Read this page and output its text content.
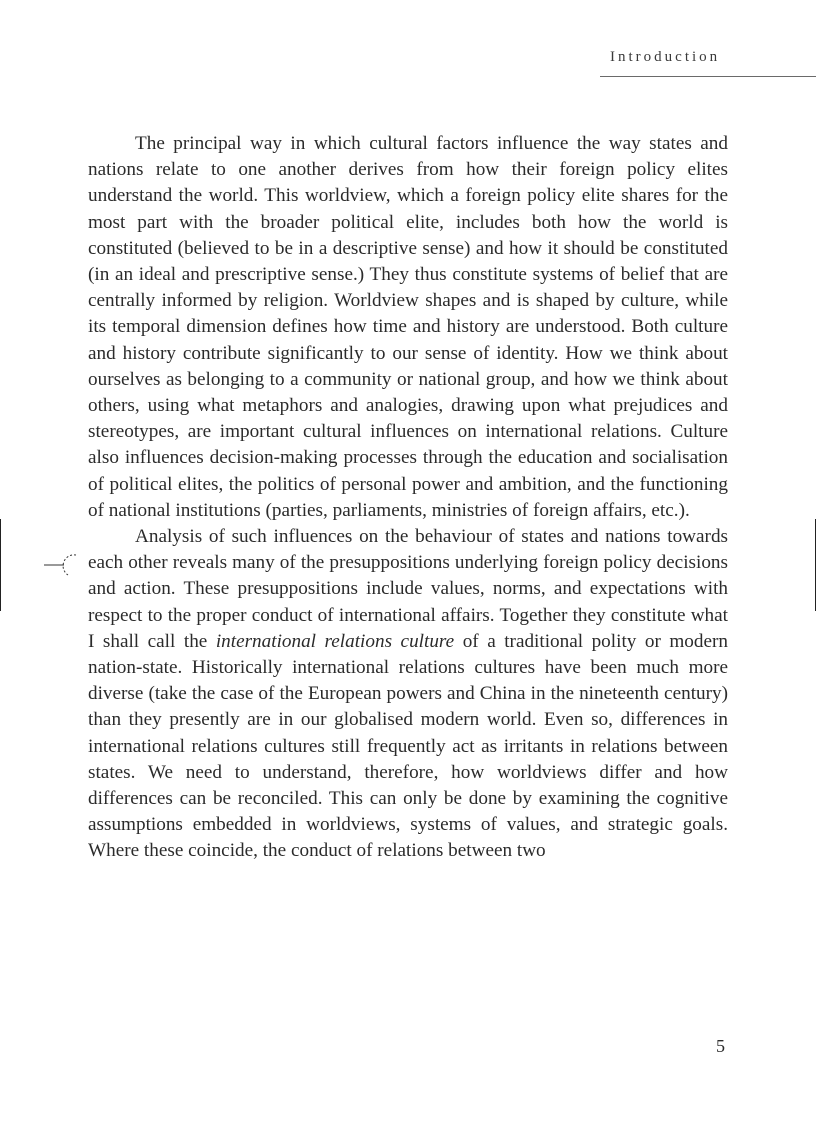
Introduction

The principal way in which cultural factors influence the way states and nations relate to one another derives from how their foreign policy elites understand the world. This worldview, which a foreign policy elite shares for the most part with the broader political elite, includes both how the world is constituted (believed to be in a descriptive sense) and how it should be constituted (in an ideal and prescriptive sense.) They thus constitute systems of belief that are centrally informed by religion. Worldview shapes and is shaped by culture, while its temporal dimension defines how time and history are understood. Both culture and history contribute significantly to our sense of identity. How we think about ourselves as belonging to a community or national group, and how we think about others, using what metaphors and analogies, drawing upon what prejudices and stereotypes, are important cultural influences on international relations. Culture also influences decision-making processes through the education and socialisation of political elites, the politics of personal power and ambition, and the functioning of national institutions (parties, parliaments, ministries of foreign affairs, etc.).

Analysis of such influences on the behaviour of states and nations towards each other reveals many of the presuppositions underlying foreign policy decisions and action. These presuppositions include values, norms, and expectations with respect to the proper conduct of international affairs. Together they constitute what I shall call the international relations culture of a traditional polity or modern nation-state. Historically international relations cultures have been much more diverse (take the case of the European powers and China in the nineteenth century) than they presently are in our globalised modern world. Even so, differences in international relations cultures still frequently act as irritants in relations between states. We need to understand, therefore, how worldviews differ and how differences can be reconciled. This can only be done by examining the cognitive assumptions embedded in worldviews, systems of values, and strategic goals. Where these coincide, the conduct of relations between two

5
